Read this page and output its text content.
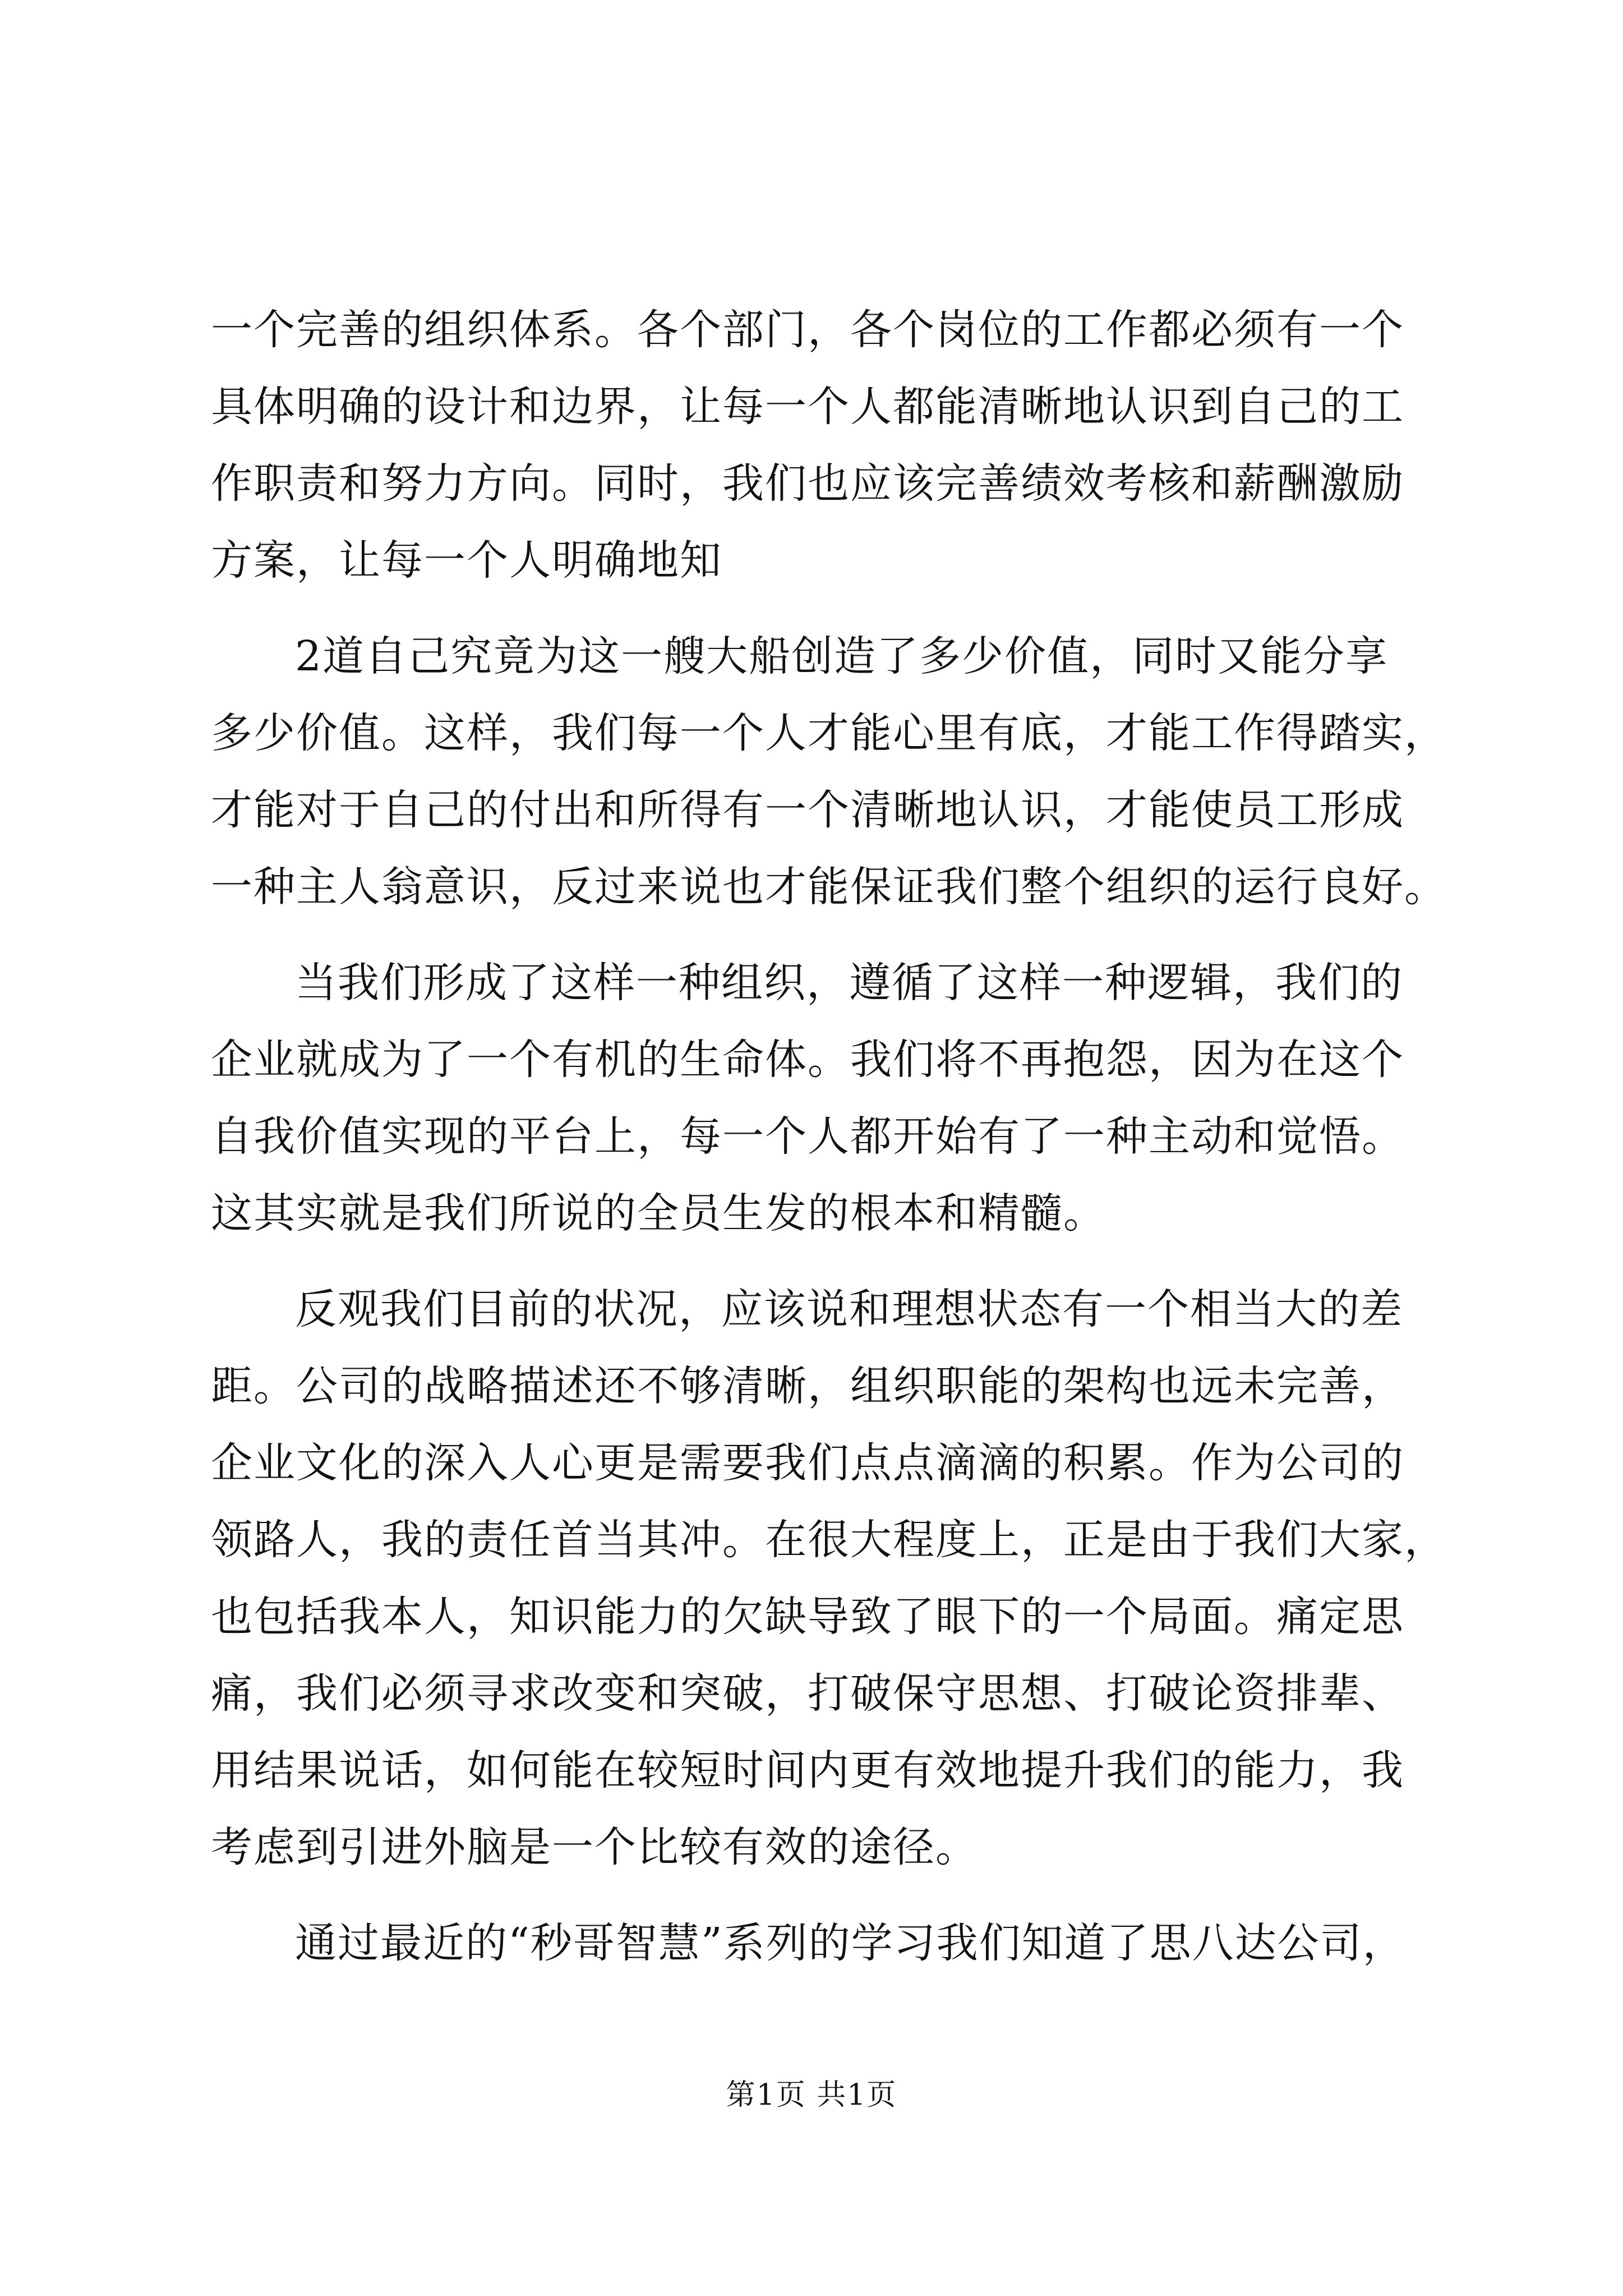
一个完善的组织体系。各个部门，各个岗位的工作都必须有一个
具体明确的设计和边界，让每一个人都能清晰地认识到自己的工
作职责和努力方向。同时，我们也应该完善绩效考核和薪酬激励
方案，让每一个人明确地知
2道自己究竟为这一艘大船创造了多少价值，同时又能分享
多少价值。这样，我们每一个人才能心里有底，才能工作得踏实，
才能对于自己的付出和所得有一个清晰地认识，才能使员工形成
一种主人翁意识，反过来说也才能保证我们整个组织的运行良好。
当我们形成了这样一种组织，遵循了这样一种逻辑，我们的
企业就成为了一个有机的生命体。我们将不再抱怨，因为在这个
自我价值实现的平台上，每一个人都开始有了一种主动和觉悟。
这其实就是我们所说的全员生发的根本和精髓。
反观我们目前的状况，应该说和理想状态有一个相当大的差
距。公司的战略描述还不够清晰，组织职能的架构也远未完善，
企业文化的深入人心更是需要我们点点滴滴的积累。作为公司的
领路人，我的责任首当其冲。在很大程度上，正是由于我们大家，
也包括我本人，知识能力的欠缺导致了眼下的一个局面。痛定思
痛，我们必须寻求改变和突破，打破保守思想、打破论资排辈、
用结果说话，如何能在较短时间内更有效地提升我们的能力，我
考虑到引进外脑是一个比较有效的途径。
通过最近的“秒哥智慧”系列的学习我们知道了思八达公司，
第1页 共1页
